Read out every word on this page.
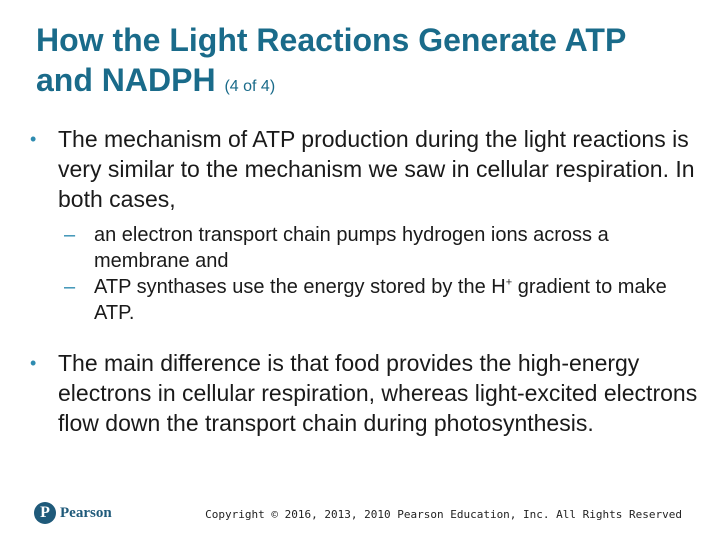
How the Light Reactions Generate ATP and NADPH (4 of 4)
• The mechanism of ATP production during the light reactions is very similar to the mechanism we saw in cellular respiration. In both cases,
– an electron transport chain pumps hydrogen ions across a membrane and
– ATP synthases use the energy stored by the H+ gradient to make ATP.
• The main difference is that food provides the high-energy electrons in cellular respiration, whereas light-excited electrons flow down the transport chain during photosynthesis.
P Pearson	Copyright © 2016, 2013, 2010 Pearson Education, Inc. All Rights Reserved
